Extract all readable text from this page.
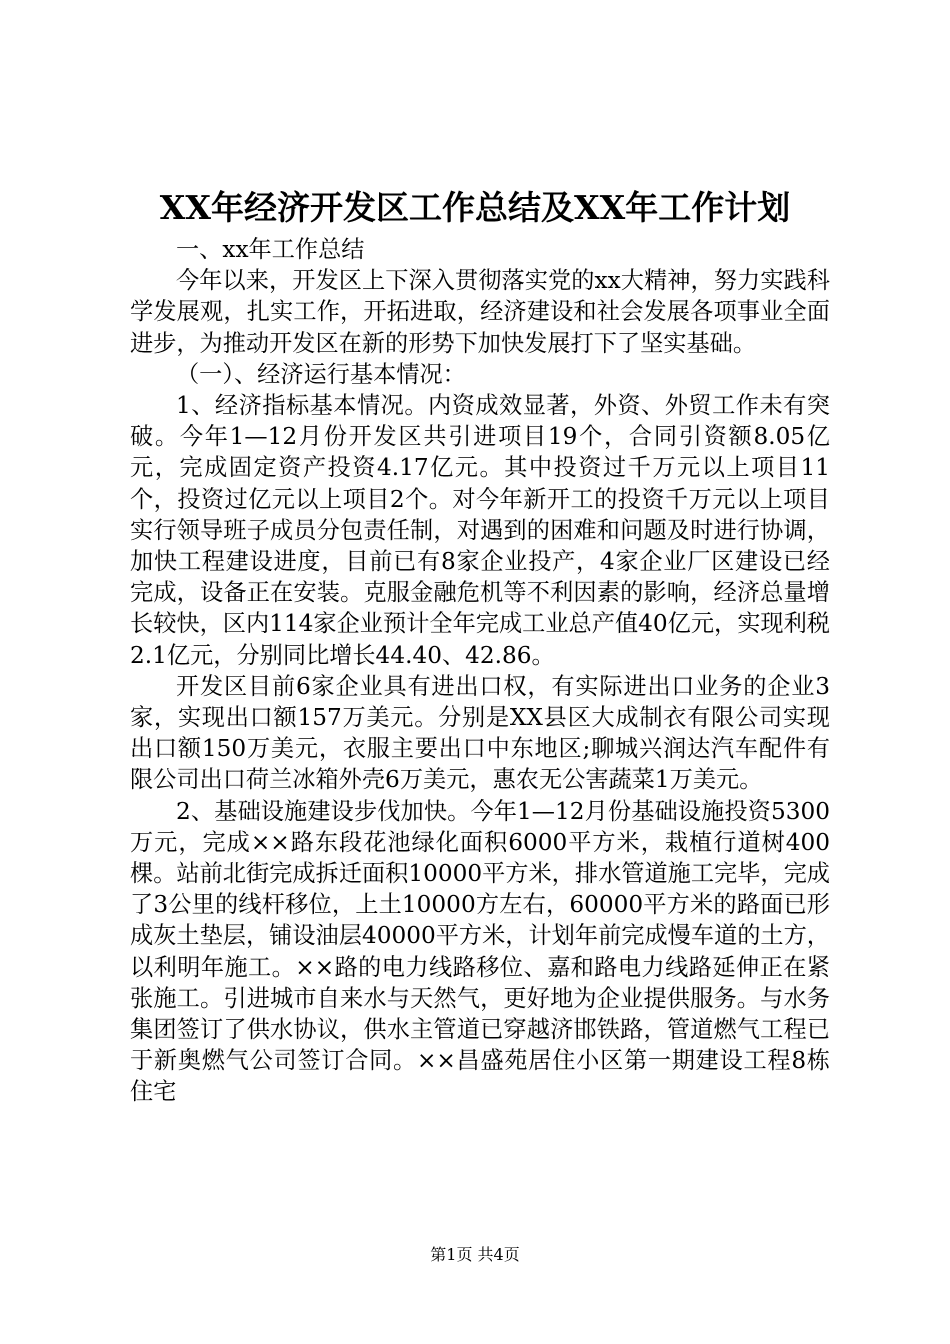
XX年经济开发区工作总结及XX年工作计划

一、xx年工作总结

今年以来，开发区上下深入贯彻落实党的xx大精神，努力实践科学发展观，扎实工作，开拓进取，经济建设和社会发展各项事业全面进步，为推动开发区在新的形势下加快发展打下了坚实基础。

（一）、经济运行基本情况：

1、经济指标基本情况。内资成效显著，外资、外贸工作未有突破。今年1—12月份开发区共引进项目19个，合同引资额8.05亿元，完成固定资产投资4.17亿元。其中投资过千万元以上项目11个，投资过亿元以上项目2个。对今年新开工的投资千万元以上项目实行领导班子成员分包责任制，对遇到的困难和问题及时进行协调，加快工程建设进度，目前已有8家企业投产，4家企业厂区建设已经完成，设备正在安装。克服金融危机等不利因素的影响，经济总量增长较快，区内114家企业预计全年完成工业总产值40亿元，实现利税2.1亿元，分别同比增长44.40、42.86。

开发区目前6家企业具有进出口权，有实际进出口业务的企业3家，实现出口额157万美元。分别是XX县区大成制衣有限公司实现出口额150万美元，衣服主要出口中东地区;聊城兴润达汽车配件有限公司出口荷兰冰箱外壳6万美元，惠农无公害蔬菜1万美元。

2、基础设施建设步伐加快。今年1—12月份基础设施投资5300万元，完成××路东段花池绿化面积6000平方米，栽植行道树400棵。站前北街完成拆迁面积10000平方米，排水管道施工完毕，完成了3公里的线杆移位，上土10000方左右，60000平方米的路面已形成灰土垫层，铺设油层40000平方米，计划年前完成慢车道的土方，以利明年施工。××路的电力线路移位、嘉和路电力线路延伸正在紧张施工。引进城市自来水与天然气，更好地为企业提供服务。与水务集团签订了供水协议，供水主管道已穿越济邯铁路，管道燃气工程已于新奥燃气公司签订合同。××昌盛苑居住小区第一期建设工程8栋住宅

第1页 共4页
